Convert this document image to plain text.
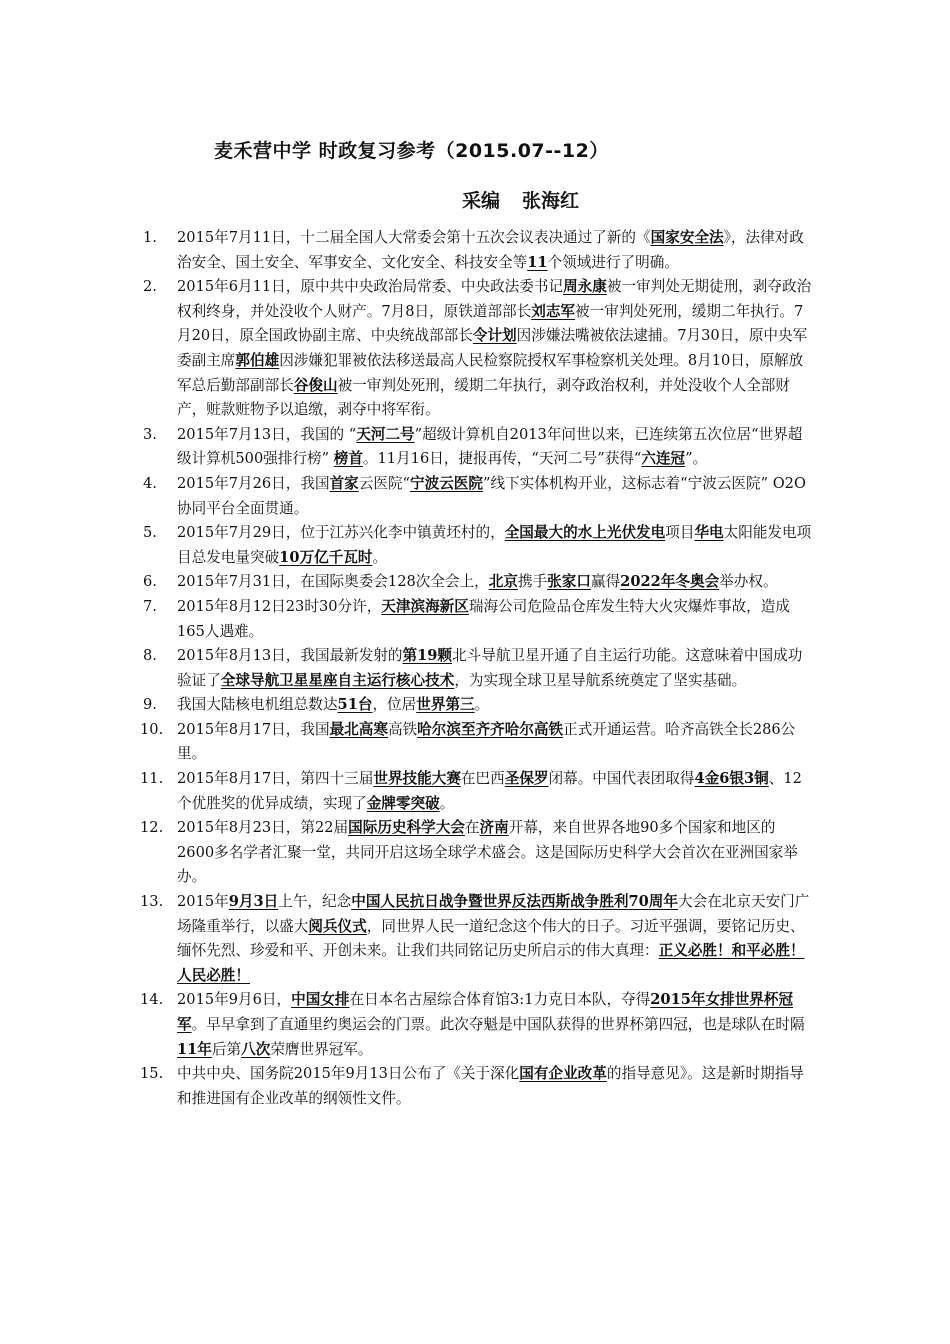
麦禾营中学 时政复习参考（2015.07--12）
采编 张海红
1. 2015年7月11日，十二届全国人大常委会第十五次会议表决通过了新的《国家安全法》，法律对政治安全、国土安全、军事安全、文化安全、科技安全等11个领域进行了明确。
2. 2015年6月11日，原中共中央政治局常委、中央政法委书记周永康被一审判处无期徒刑，剥夺政治权利终身，并处没收个人财产。7月8日，原铁道部部长刘志军被一审判处死刑，缓期二年执行。7月20日，原全国政协副主席、中央统战部部长令计划因涉嫌法嘴被依法逮捕。7月30日，原中央军委副主席郭伯雄因涉嫌犯罪被依法移送最高人民检察院授权军事检察机关处理。8月10日，原解放军总后勤部副部长谷俊山被一审判处死刑，缓期二年执行，剥夺政治权利，并处没收个人全部财产，赃款赃物予以追缴，剥夺中将军衔。
3. 2015年7月13日，我国的 “天河二号”超级计算机自2013年问世以来，已连续第五次位居“世界超级计算机500强排行榜” 榜首。11月16日，捷报再传，“天河二号”获得“六连冠”。
4. 2015年7月26日，我国首家云医院“宁波云医院”线下实体机构开业，这标志着“宁波云医院” O2O协同平台全面贯通。
5. 2015年7月29日，位于江苏兴化李中镇黄坯村的，全国最大的水上光伏发电项目华电太阳能发电项目总发电量突破10万亿千瓦时。
6. 2015年7月31日，在国际奥委会128次全会上，北京携手张家口赢得2022年冬奥会举办权。
7. 2015年8月12日23时30分许，天津滨海新区瑞海公司危险品仓库发生特大火灾爆炸事故，造成165人遇难。
8. 2015年8月13日，我国最新发射的第19颗北斗导航卫星开通了自主运行功能。这意味着中国成功验证了全球导航卫星星座自主运行核心技术，为实现全球卫星导航系统奠定了坚实基础。
9. 我国大陆核电机组总数达51台，位居世界第三。
10. 2015年8月17日，我国最北高寒高铁哈尔滨至齐齐哈尔高铁正式开通运营。哈齐高铁全长286公里。
11. 2015年8月17日，第四十三届世界技能大赛在巴西圣保罗闭幕。中国代表团取得4金6银3铜、12个优胜奖的优异成绩，实现了金牌零突破。
12. 2015年8月23日，第22届国际历史科学大会在济南开幕，来自世界各地90多个国家和地区的2600多名学者汇聚一堂，共同开启这场全球学术盛会。这是国际历史科学大会首次在亚洲国家举办。
13. 2015年9月3日上午，纪念中国人民抗日战争暨世界反法西斯战争胜利70周年大会在北京天安门广场隆重举行，以盛大阅兵仪式，同世界人民一道纪念这个伟大的日子。习近平强调，要铭记历史、缅怀先烈、珍爱和平、开创未来。让我们共同铭记历史所启示的伟大真理：正义必胜！和平必胜！人民必胜！
14. 2015年9月6日，中国女排在日本名古屋综合体育馆3:1力克日本队，夺得2015年女排世界杯冠军。早早拿到了直通里约奥运会的门票。此次夺魁是中国队获得的世界杯第四冠，也是球队在时隔11年后第八次荣膺世界冠军。
15. 中共中央、国务院2015年9月13日公布了《关于深化国有企业改革的指导意见》。这是新时期指导和推进国有企业改革的纲领性文件。
